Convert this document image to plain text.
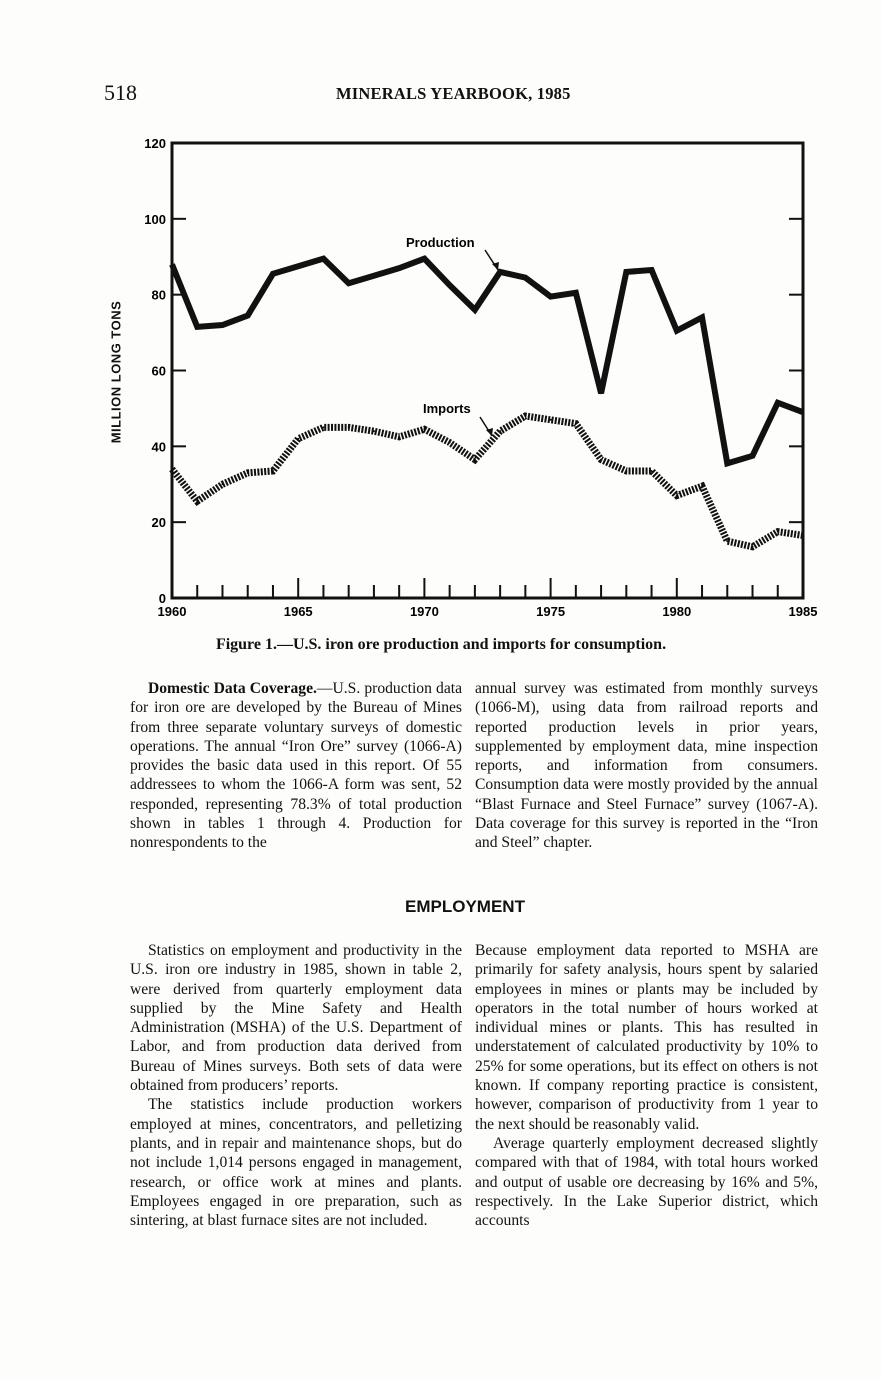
518	MINERALS YEARBOOK, 1985
0
20
40
60
80
100
120
1960	1965	1970	1975	1980	1985
Production
Imports
MILLION LONG TONS
Figure 1.—U.S. iron ore production and imports for consumption.

Domestic Data Coverage.—U.S. production data for iron ore are developed by the Bureau of Mines from three separate voluntary surveys of domestic operations. The annual “Iron Ore” survey (1066-A) provides the basic data used in this report. Of 55 addressees to whom the 1066-A form was sent, 52 responded, representing 78.3% of total production shown in tables 1 through 4. Production for nonrespondents to the

annual survey was estimated from monthly surveys (1066-M), using data from railroad reports and reported production levels in prior years, supplemented by employment data, mine inspection reports, and information from consumers. Consumption data were mostly provided by the annual “Blast Furnace and Steel Furnace” survey (1067-A). Data coverage for this survey is reported in the “Iron and Steel” chapter.

EMPLOYMENT

Statistics on employment and productivity in the U.S. iron ore industry in 1985, shown in table 2, were derived from quarterly employment data supplied by the Mine Safety and Health Administration (MSHA) of the U.S. Department of Labor, and from production data derived from Bureau of Mines surveys. Both sets of data were obtained from producers’ reports.

The statistics include production workers employed at mines, concentrators, and pelletizing plants, and in repair and maintenance shops, but do not include 1,014 persons engaged in management, research, or office work at mines and plants. Employees engaged in ore preparation, such as sintering, at blast furnace sites are not included.

Because employment data reported to MSHA are primarily for safety analysis, hours spent by salaried employees in mines or plants may be included by operators in the total number of hours worked at individual mines or plants. This has resulted in understatement of calculated productivity by 10% to 25% for some operations, but its effect on others is not known. If company reporting practice is consistent, however, comparison of productivity from 1 year to the next should be reasonably valid.

Average quarterly employment decreased slightly compared with that of 1984, with total hours worked and output of usable ore decreasing by 16% and 5%, respectively. In the Lake Superior district, which accounts
